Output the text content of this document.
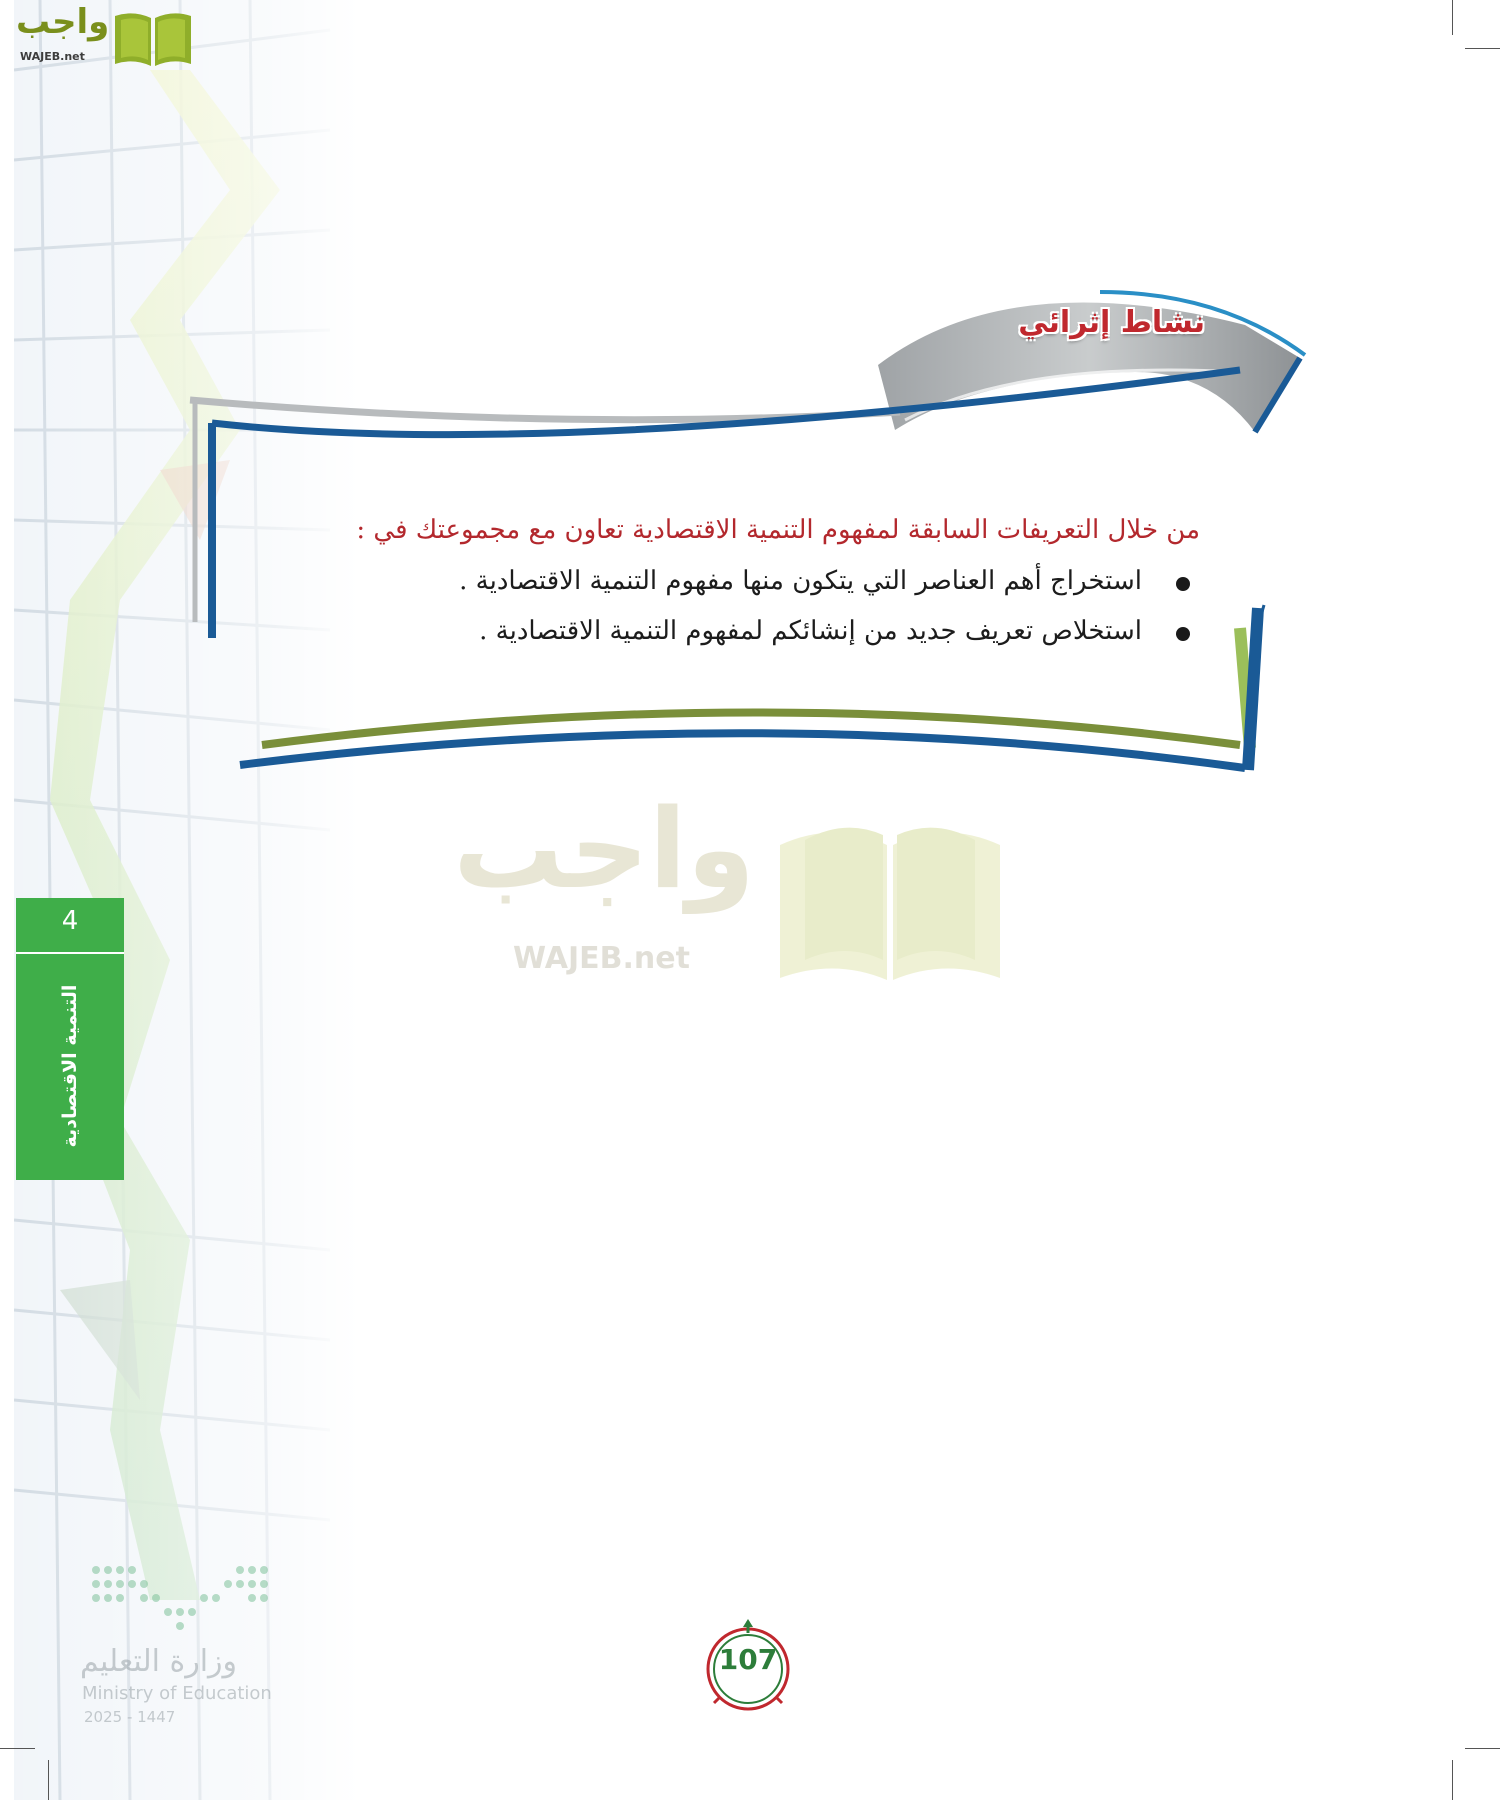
واجب
WAJEB.net
نشاط إثرائي

من خلال التعريفات السابقة لمفهوم التنمية الاقتصادية تعاون مع مجموعتك في :

استخراج أهم العناصر التي يتكون منها مفهوم التنمية الاقتصادية .
استخلاص تعريف جديد من إنشائكم لمفهوم التنمية الاقتصادية .
واجب
WAJEB.net
4
التنمية الاقتصادية
وزارة التعليم
Ministry of Education
2025 - 1447
107
